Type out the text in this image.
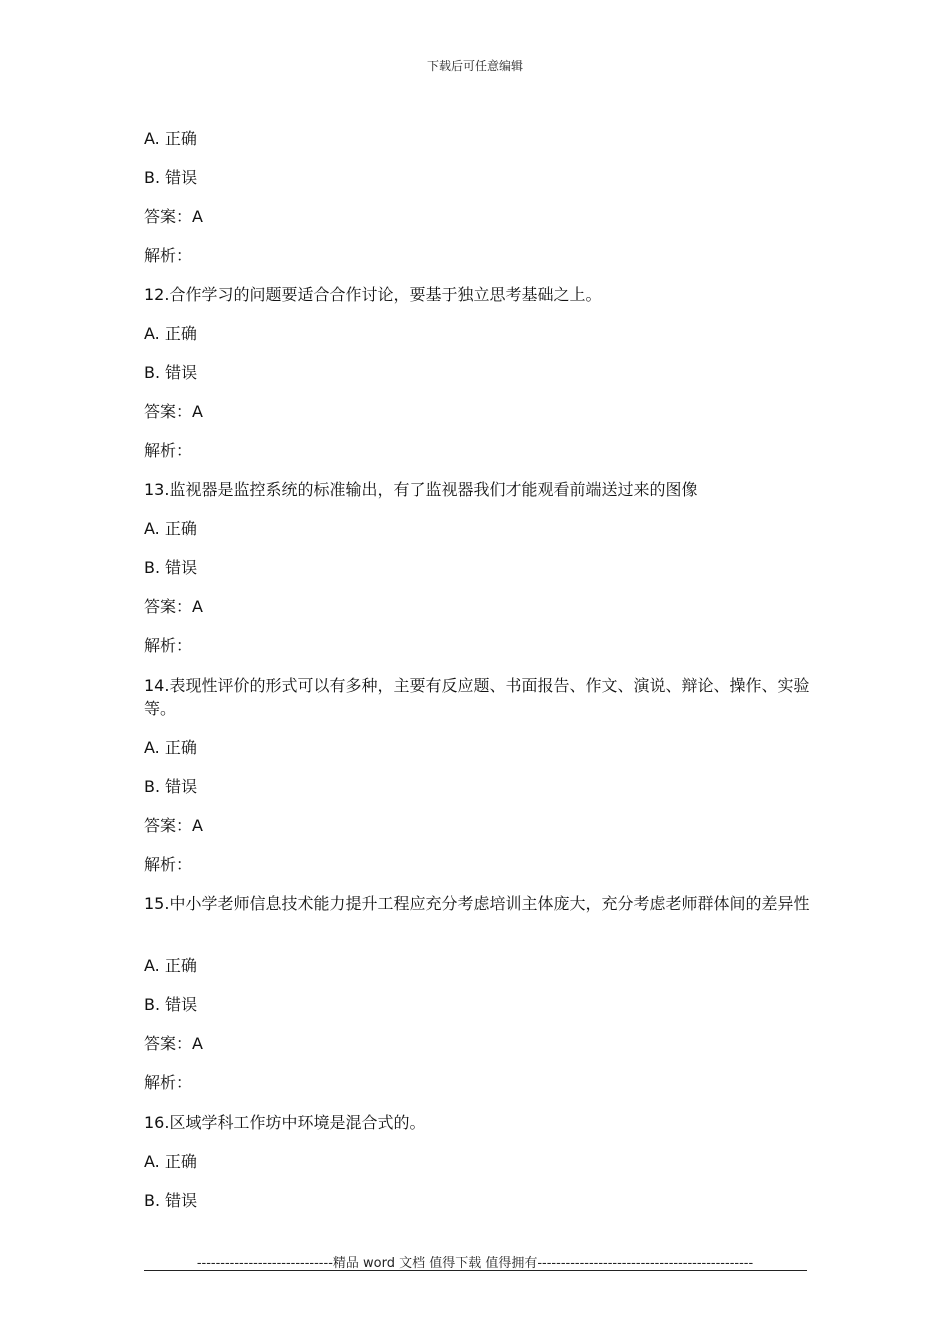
下载后可任意编辑
A. 正确
B. 错误
答案：A
解析：
12.合作学习的问题要适合合作讨论，要基于独立思考基础之上。
A. 正确
B. 错误
答案：A
解析：
13.监视器是监控系统的标准输出，有了监视器我们才能观看前端送过来的图像
A. 正确
B. 错误
答案：A
解析：
14.表现性评价的形式可以有多种，主要有反应题、书面报告、作文、演说、辩论、操作、实验等。
A. 正确
B. 错误
答案：A
解析：
15.中小学老师信息技术能力提升工程应充分考虑培训主体庞大，充分考虑老师群体间的差异性
A. 正确
B. 错误
答案：A
解析：
16.区域学科工作坊中环境是混合式的。
A. 正确
B. 错误
-----------------------------精品 word 文档 值得下载 值得拥有----------------------------------------------
